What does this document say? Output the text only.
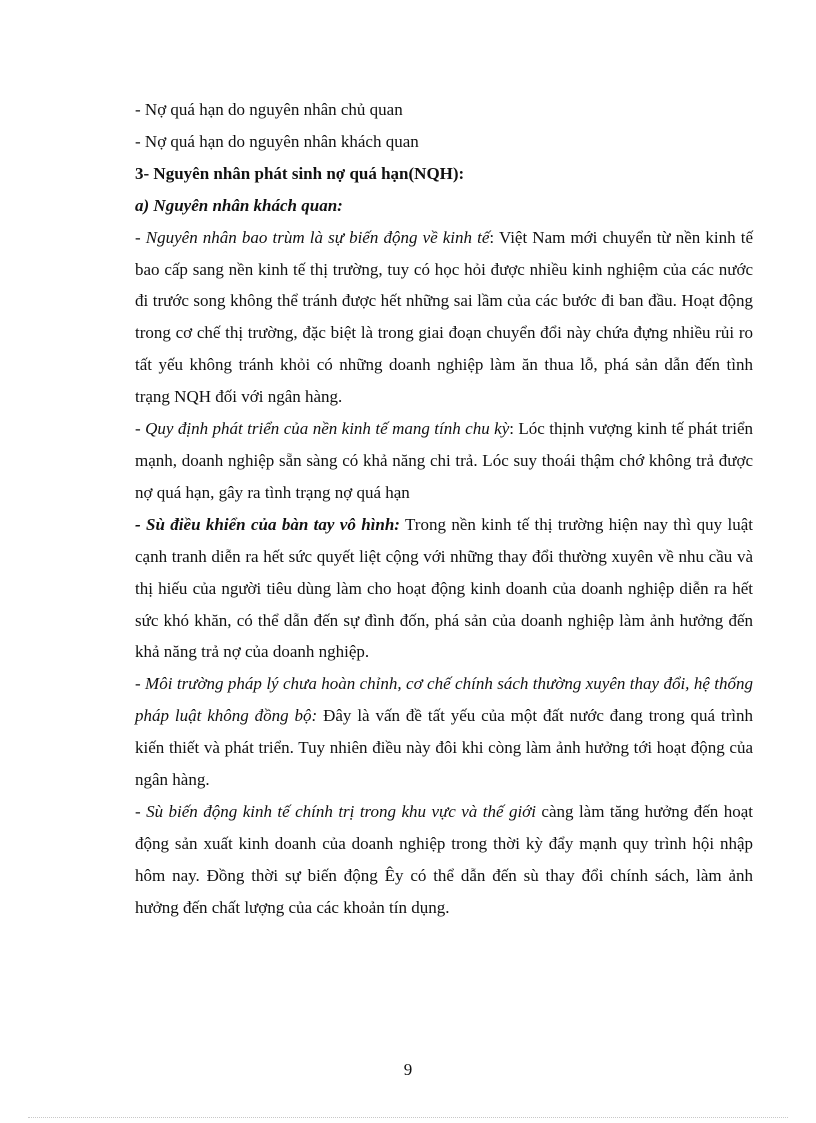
- Nợ quá hạn do nguyên nhân chủ quan

- Nợ quá hạn do nguyên nhân khách quan

3- Nguyên nhân phát sinh nợ quá hạn(NQH):

a) Nguyên nhân khách quan:

- Nguyên nhân bao trùm là sự biến động về kinh tế: Việt Nam mới chuyển từ nền kinh tế bao cấp sang nền kinh tế thị trường, tuy có học hỏi được nhiều kinh nghiệm của các nước đi trước song không thể tránh được hết những sai lầm của các bước đi ban đầu. Hoạt động trong cơ chế thị trường, đặc biệt là trong giai đoạn chuyển đổi này chứa đựng nhiều rủi ro tất yếu không tránh khỏi có những doanh nghiệp làm ăn thua lỗ, phá sản dẫn đến tình trạng NQH đối với ngân hàng.

- Quy định phát triển của nền kinh tế mang tính chu kỳ: Lóc thịnh vượng kinh tế phát triển mạnh, doanh nghiệp sẵn sàng có khả năng chi trả. Lóc suy thoái thậm chớ không trả được nợ quá hạn, gây ra tình trạng nợ quá hạn

- Sù điều khiển của bàn tay vô hình: Trong nền kinh tế thị trường hiện nay thì quy luật cạnh tranh diễn ra hết sức quyết liệt cộng với những thay đổi thường xuyên về nhu cầu và thị hiếu của người tiêu dùng làm cho hoạt động kinh doanh của doanh nghiệp diễn ra hết sức khó khăn, có thể dẫn đến sự đình đốn, phá sản của doanh nghiệp làm ảnh hưởng đến khả năng trả nợ của doanh nghiệp.

- Môi trường pháp lý chưa hoàn chỉnh, cơ chế chính sách thường xuyên thay đổi, hệ thống pháp luật không đồng bộ: Đây là vấn đề tất yếu của một đất nước đang trong quá trình kiến thiết và phát triển. Tuy nhiên điều này đôi khi còng làm ảnh hưởng tới hoạt động của ngân hàng.

- Sù biến động kinh tế chính trị trong khu vực và thế giới càng làm tăng hưởng đến hoạt động sản xuất kinh doanh của doanh nghiệp trong thời kỳ đẩy mạnh quy trình hội nhập hôm nay. Đồng thời sự biến động Êy có thể dẫn đến sù thay đổi chính sách, làm ảnh hưởng đến chất lượng của các khoản tín dụng.

9
